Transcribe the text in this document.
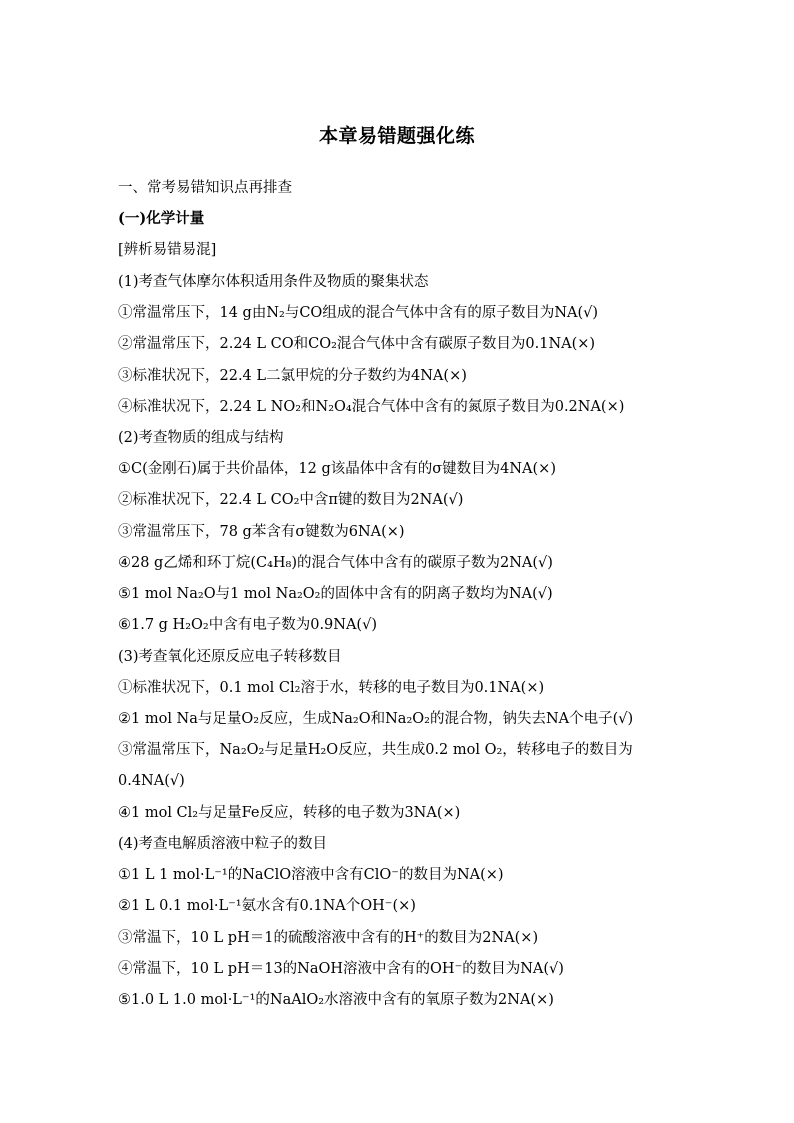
本章易错题强化练
一、常考易错知识点再排查
(一)化学计量
[辨析易错易混]
(1)考查气体摩尔体积适用条件及物质的聚集状态
①常温常压下，14 g由N₂与CO组成的混合气体中含有的原子数目为NA(√)
②常温常压下，2.24 L CO和CO₂混合气体中含有碳原子数目为0.1NA(×)
③标准状况下，22.4 L二氯甲烷的分子数约为4NA(×)
④标准状况下，2.24 L NO₂和N₂O₄混合气体中含有的氮原子数目为0.2NA(×)
(2)考查物质的组成与结构
①C(金刚石)属于共价晶体，12 g该晶体中含有的σ键数目为4NA(×)
②标准状况下，22.4 L CO₂中含π键的数目为2NA(√)
③常温常压下，78 g苯含有σ键数为6NA(×)
④28 g乙烯和环丁烷(C₄H₈)的混合气体中含有的碳原子数为2NA(√)
⑤1 mol Na₂O与1 mol Na₂O₂的固体中含有的阴离子数均为NA(√)
⑥1.7 g H₂O₂中含有电子数为0.9NA(√)
(3)考查氧化还原反应电子转移数目
①标准状况下，0.1 mol Cl₂溶于水，转移的电子数目为0.1NA(×)
②1 mol Na与足量O₂反应，生成Na₂O和Na₂O₂的混合物，钠失去NA个电子(√)
③常温常压下，Na₂O₂与足量H₂O反应，共生成0.2 mol O₂，转移电子的数目为
0.4NA(√)
④1 mol Cl₂与足量Fe反应，转移的电子数为3NA(×)
(4)考查电解质溶液中粒子的数目
①1 L 1 mol·L⁻¹的NaClO溶液中含有ClO⁻的数目为NA(×)
②1 L 0.1 mol·L⁻¹氨水含有0.1NA个OH⁻(×)
③常温下，10 L pH＝1的硫酸溶液中含有的H⁺的数目为2NA(×)
④常温下，10 L pH＝13的NaOH溶液中含有的OH⁻的数目为NA(√)
⑤1.0 L 1.0 mol·L⁻¹的NaAlO₂水溶液中含有的氧原子数为2NA(×)
